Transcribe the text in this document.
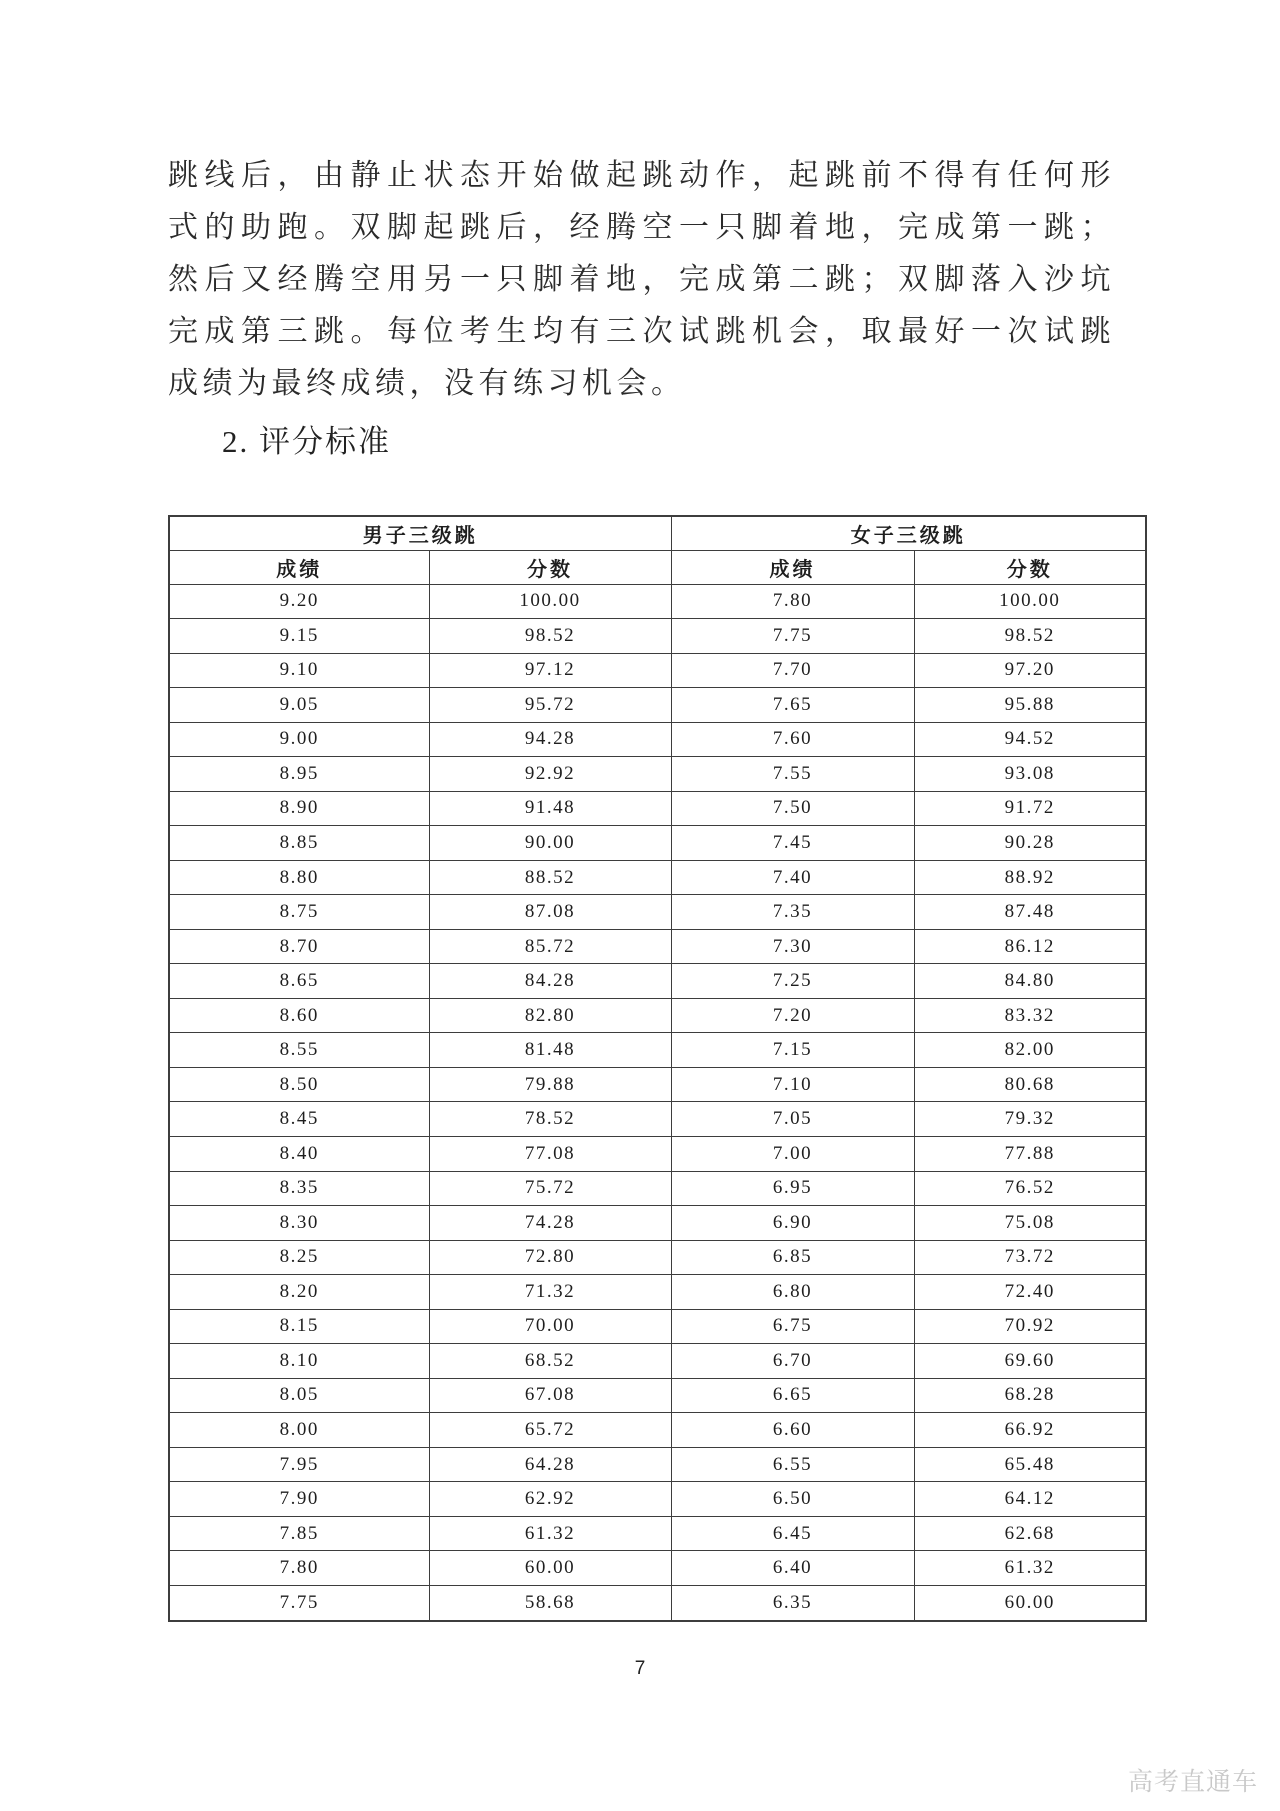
跳线后，由静止状态开始做起跳动作，起跳前不得有任何形
式的助跑。双脚起跳后，经腾空一只脚着地，完成第一跳；
然后又经腾空用另一只脚着地，完成第二跳；双脚落入沙坑
完成第三跳。每位考生均有三次试跳机会，取最好一次试跳
成绩为最终成绩，没有练习机会。
2. 评分标准
男子三级跳		女子三级跳	
成绩	分数	成绩	分数
9.20	100.00	7.80	100.00
9.15	98.52	7.75	98.52
9.10	97.12	7.70	97.20
9.05	95.72	7.65	95.88
9.00	94.28	7.60	94.52
8.95	92.92	7.55	93.08
8.90	91.48	7.50	91.72
8.85	90.00	7.45	90.28
8.80	88.52	7.40	88.92
8.75	87.08	7.35	87.48
8.70	85.72	7.30	86.12
8.65	84.28	7.25	84.80
8.60	82.80	7.20	83.32
8.55	81.48	7.15	82.00
8.50	79.88	7.10	80.68
8.45	78.52	7.05	79.32
8.40	77.08	7.00	77.88
8.35	75.72	6.95	76.52
8.30	74.28	6.90	75.08
8.25	72.80	6.85	73.72
8.20	71.32	6.80	72.40
8.15	70.00	6.75	70.92
8.10	68.52	6.70	69.60
8.05	67.08	6.65	68.28
8.00	65.72	6.60	66.92
7.95	64.28	6.55	65.48
7.90	62.92	6.50	64.12
7.85	61.32	6.45	62.68
7.80	60.00	6.40	61.32
7.75	58.68	6.35	60.00
7
高考直通车
